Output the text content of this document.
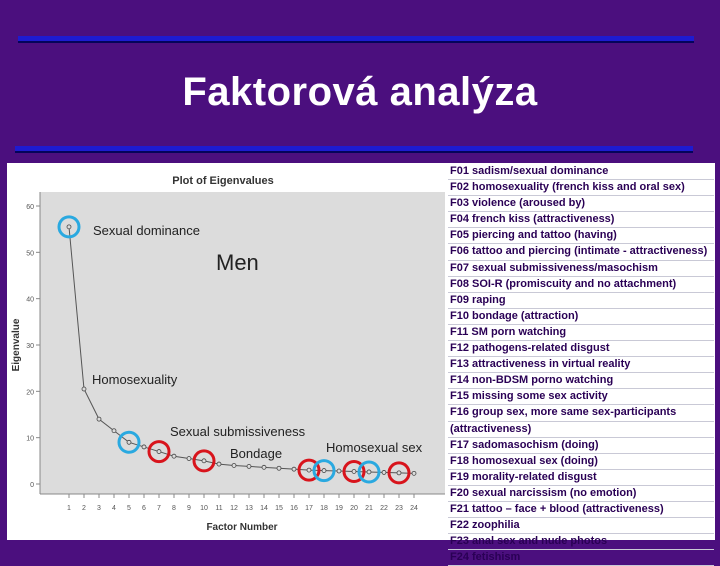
Faktorová analýza
Plot of Eigenvalues
Factor Number
Eigenvalue
0
10
20
30
40
50
60
1 2 3 4 5 6 7 8 9 10 11 12 13 14 15 16 17 18 19 20 21 22 23 24
Sexual dominance
Men
Homosexuality
Sexual submissiveness
Bondage	Homosexual sex
F01 sadism/sexual dominance
F02 homosexuality (french kiss and oral sex)
F03 violence (aroused by)
F04 french kiss (attractiveness)
F05 piercing and tattoo (having)
F06 tattoo and piercing (intimate - attractiveness)
F07 sexual submissiveness/masochism
F08 SOI-R (promiscuity and no attachment)
F09 raping
F10 bondage (attraction)
F11 SM porn watching
F12 pathogens-related disgust
F13 attractiveness in virtual reality
F14 non-BDSM porno watching
F15 missing some sex activity
F16 group sex, more same sex-participants
(attractiveness)
F17 sadomasochism (doing)
F18 homosexual sex (doing)
F19 morality-related disgust
F20 sexual narcissism (no emotion)
F21 tattoo – face + blood (attractiveness)
F22 zoophilia
F23 anal sex and nude photos
F24 fetishism
